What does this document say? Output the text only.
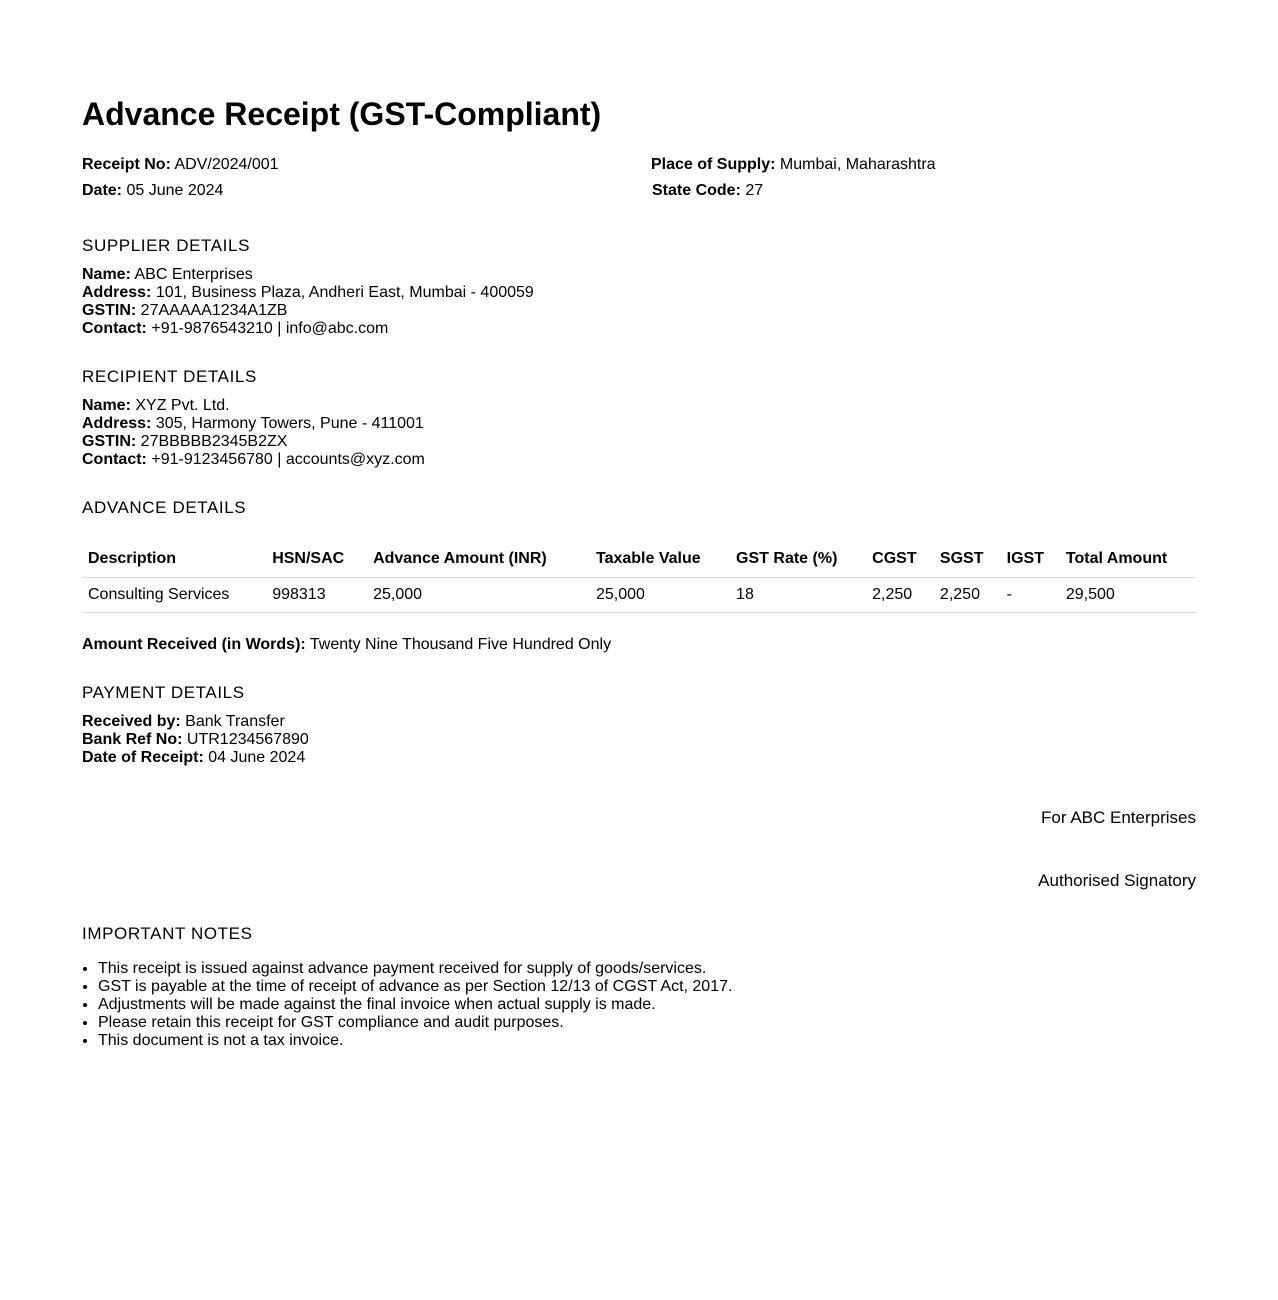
Advance Receipt (GST-Compliant)
Receipt No: ADV/2024/001
Date: 05 June 2024
Place of Supply: Mumbai, Maharashtra
State Code: 27
SUPPLIER DETAILS
Name: ABC Enterprises
Address: 101, Business Plaza, Andheri East, Mumbai - 400059
GSTIN: 27AAAAA1234A1ZB
Contact: +91-9876543210 | info@abc.com
RECIPIENT DETAILS
Name: XYZ Pvt. Ltd.
Address: 305, Harmony Towers, Pune - 411001
GSTIN: 27BBBBB2345B2ZX
Contact: +91-9123456780 | accounts@xyz.com
ADVANCE DETAILS
Description	HSN/SAC	Advance Amount (INR)	Taxable Value	GST Rate (%)	CGST	SGST	IGST	Total Amount
Consulting Services	998313	25,000	25,000	18	2,250	2,250	-	29,500
Amount Received (in Words): Twenty Nine Thousand Five Hundred Only
PAYMENT DETAILS
Received by: Bank Transfer
Bank Ref No: UTR1234567890
Date of Receipt: 04 June 2024
For ABC Enterprises
Authorised Signatory
IMPORTANT NOTES
• This receipt is issued against advance payment received for supply of goods/services.
• GST is payable at the time of receipt of advance as per Section 12/13 of CGST Act, 2017.
• Adjustments will be made against the final invoice when actual supply is made.
• Please retain this receipt for GST compliance and audit purposes.
• This document is not a tax invoice.
